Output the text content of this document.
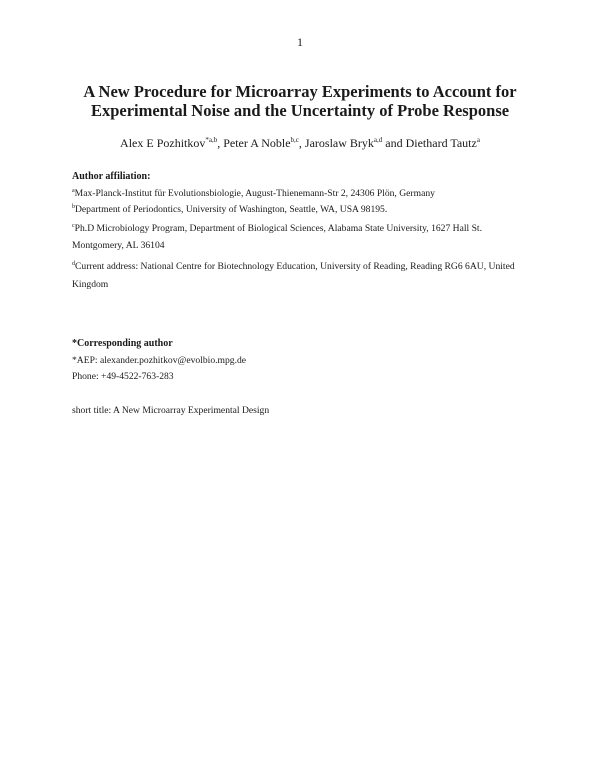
1
A New Procedure for Microarray Experiments to Account for
Experimental Noise and the Uncertainty of Probe Response
Alex E Pozhitkov$^{*a,b}$, Peter A Noble$^{b,c}$, Jaroslaw Bryk$^{a,d}$ and Diethard Tautz$^a$
Author affiliation:
$^a$Max-Planck-Institut für Evolutionsbiologie, August-Thienemann-Str 2, 24306 Plön, Germany
$^b$Department of Periodontics, University of Washington, Seattle, WA, USA 98195.
$^c$Ph.D Microbiology Program, Department of Biological Sciences, Alabama State University, 1627 Hall St. Montgomery, AL 36104
$^d$Current address: National Centre for Biotechnology Education, University of Reading, Reading RG6 6AU, United Kingdom
*Corresponding author
*AEP: alexander.pozhitkov@evolbio.mpg.de
Phone: +49-4522-763-283
short title: A New Microarray Experimental Design
